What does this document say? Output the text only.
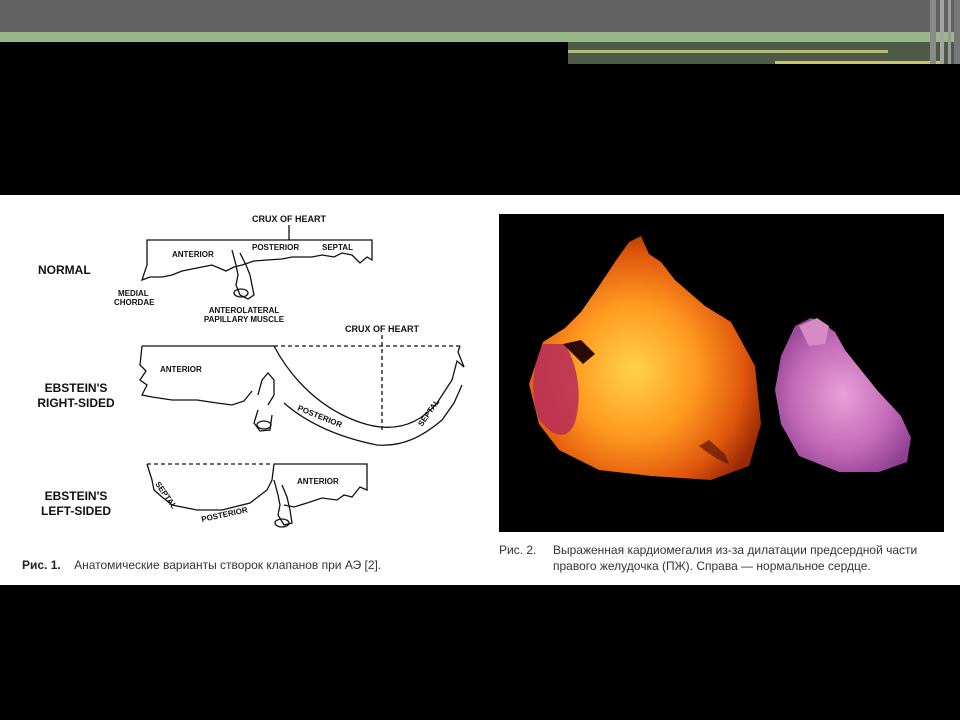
CRUX OF HEART
NORMAL
ANTERIOR
POSTERIOR	SEPTAL
MEDIAL
CHORDAE
ANTEROLATERAL
PAPILLARY MUSCLE
CRUX OF HEART
EBSTEIN'S
RIGHT-SIDED
ANTERIOR
POSTERIOR	SEPTAL
EBSTEIN'S
LEFT-SIDED
SEPTAL
POSTERIOR
ANTERIOR
Рис. 1. Анатомические варианты створок клапанов при АЭ [2].
Рис. 2. Выраженная кардиомегалия из-за дилатации предсердной части
правого желудочка (ПЖ). Справа — нормальное сердце.
